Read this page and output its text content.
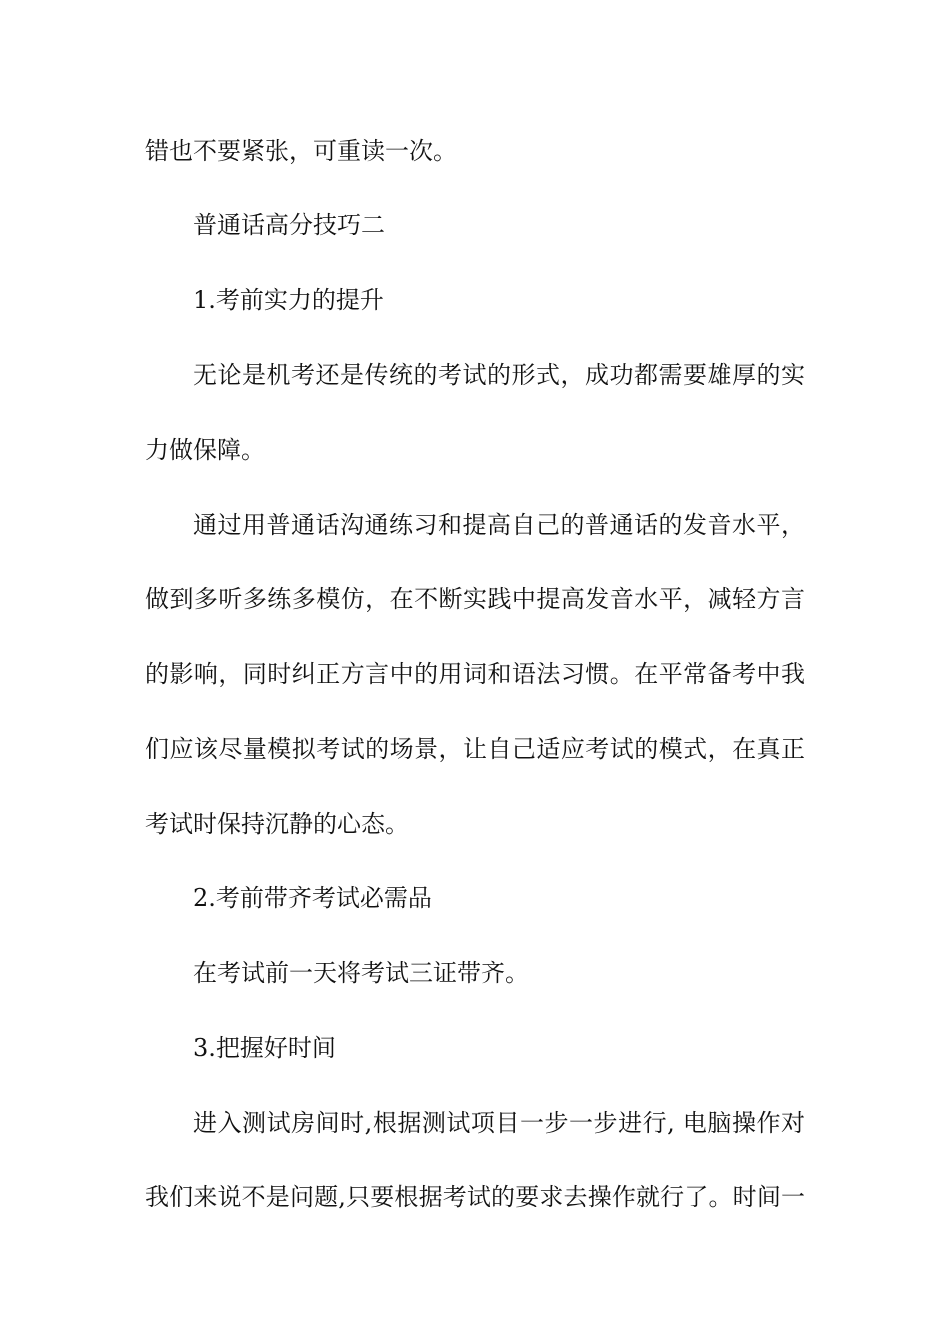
错也不要紧张，可重读一次。
普通话高分技巧二
1.考前实力的提升
无论是机考还是传统的考试的形式，成功都需要雄厚的实
力做保障。
通过用普通话沟通练习和提高自己的普通话的发音水平，
做到多听多练多模仿，在不断实践中提高发音水平，减轻方言
的影响，同时纠正方言中的用词和语法习惯。在平常备考中我
们应该尽量模拟考试的场景，让自己适应考试的模式，在真正
考试时保持沉静的心态。
2.考前带齐考试必需品
在考试前一天将考试三证带齐。
3.把握好时间
进入测试房间时,根据测试项目一步一步进行, 电脑操作对
我们来说不是问题,只要根据考试的要求去操作就行了。时间一
